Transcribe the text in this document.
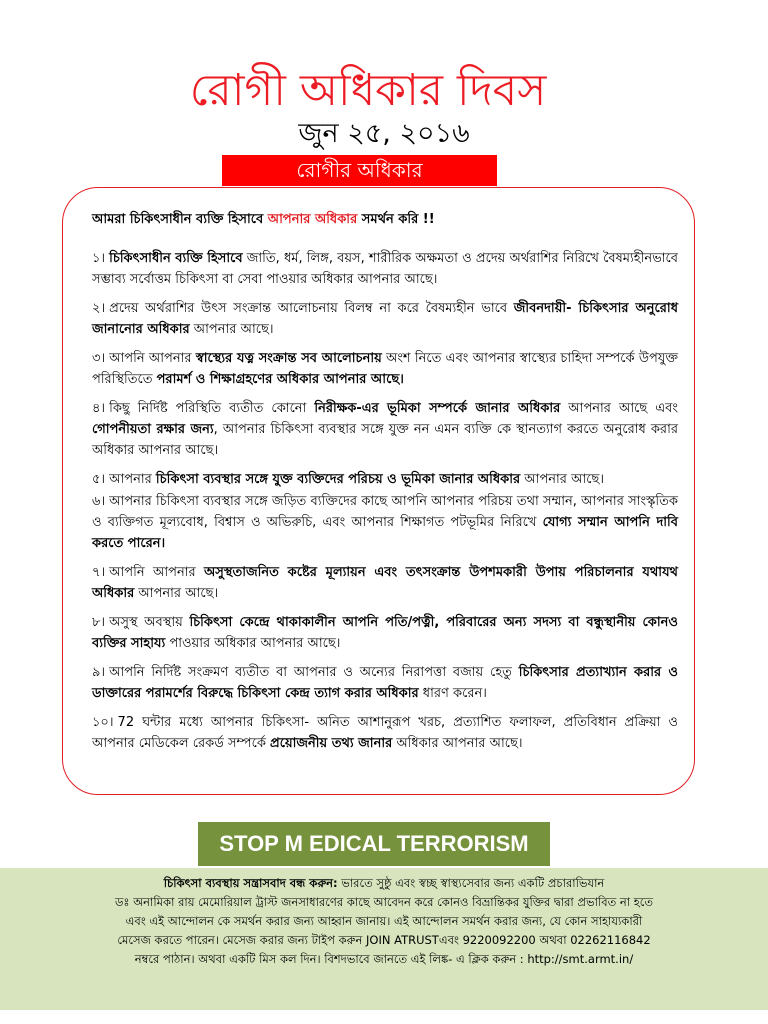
রোগী অধিকার দিবস
জুন ২৫, ২০১৬
রোগীর অধিকার

আমরা চিকিৎসাধীন ব্যক্তি হিসাবে আপনার অধিকার সমর্থন করি !!

১। চিকিৎসাধীন ব্যক্তি হিসাবে জাতি, ধর্ম, লিঙ্গ, বয়স, শারীরিক অক্ষমতা ও প্রদেয় অর্থরাশির নিরিখে বৈষম্যহীনভাবে সম্ভাব্য সর্বোত্তম চিকিৎসা বা সেবা পাওয়ার অধিকার আপনার আছে।

২। প্রদেয় অর্থরাশির উৎস সংক্রান্ত আলোচনায় বিলম্ব না করে বৈষম্যহীন ভাবে জীবনদায়ী- চিকিৎসার অনুরোধ জানানোর অধিকার আপনার আছে।

৩। আপনি আপনার স্বাস্থ্যের যত্ন সংক্রান্ত সব আলোচনায় অংশ নিতে এবং আপনার স্বাস্থ্যের চাহিদা সম্পর্কে উপযুক্ত পরিস্থিতিতে পরামর্শ ও শিক্ষাগ্রহণের অধিকার আপনার আছে।

৪। কিছু নির্দিষ্ট পরিস্থিতি ব্যতীত কোনো নিরীক্ষক-এর ভূমিকা সম্পর্কে জানার অধিকার আপনার আছে এবং গোপনীয়তা রক্ষার জন্য, আপনার চিকিৎসা ব্যবস্থার সঙ্গে যুক্ত নন এমন ব্যক্তি কে স্থানত্যাগ করতে অনুরোধ করার অধিকার আপনার আছে।

৫। আপনার চিকিৎসা ব্যবস্থার সঙ্গে যুক্ত ব্যক্তিদের পরিচয় ও ভূমিকা জানার অধিকার আপনার আছে।

৬। আপনার চিকিৎসা ব্যবস্থার সঙ্গে জড়িত ব্যক্তিদের কাছে আপনি আপনার পরিচয় তথা সম্মান, আপনার সাংস্কৃতিক ও ব্যক্তিগত মূল্যবোধ, বিশ্বাস ও অভিরুচি, এবং আপনার শিক্ষাগত পটভূমির নিরিখে যোগ্য সম্মান আপনি দাবি করতে পারেন।

৭। আপনি আপনার অসুস্থতাজনিত কষ্টের মূল্যায়ন এবং তৎসংক্রান্ত উপশমকারী উপায় পরিচালনার যথাযথ অধিকার আপনার আছে।

৮। অসুস্থ অবস্থায় চিকিৎসা কেন্দ্রে থাকাকালীন আপনি পতি/পত্নী, পরিবারের অন্য সদস্য বা বন্ধুস্থানীয় কোনও ব্যক্তির সাহায্য পাওয়ার অধিকার আপনার আছে।

৯। আপনি নির্দিষ্ট সংক্রমণ ব্যতীত বা আপনার ও অন্যের নিরাপত্তা বজায় হেতু চিকিৎসার প্রত্যাখ্যান করার ও ডাক্তারের পরামর্শের বিরুদ্ধে চিকিৎসা কেন্দ্র ত্যাগ করার অধিকার ধারণ করেন।

১০। 72 ঘন্টার মধ্যে আপনার চিকিৎসা- অনিত আশানুরূপ খরচ, প্রত্যাশিত ফলাফল, প্রতিবিধান প্রক্রিয়া ও আপনার মেডিকেল রেকর্ড সম্পর্কে প্রয়োজনীয় তথ্য জানার অধিকার আপনার আছে।

STOP M EDICAL TERRORISM

চিকিৎসা ব্যবস্থায় সন্ত্রাসবাদ বন্ধ করুন: ভারতে সুষ্ঠু এবং স্বচ্ছ স্বাস্থ্যসেবার জন্য একটি প্রচারাভিযান

ডঃ অনামিকা রায় মেমোরিয়াল ট্রাস্ট জনসাধারণের কাছে আবেদন করে কোনও বিভ্রান্তিকর যুক্তির দ্বারা প্রভাবিত না হতে

এবং এই আন্দোলন কে সমর্থন করার জন্য আহ্বান জানায়। এই আন্দোলন সমর্থন করার জন্য, যে কোন সাহায্যকারী

মেসেজ করতে পারেন। মেসেজ করার জন্য টাইপ করুন JOIN ATRUSTএবং 9220092200 অথবা 02262116842

নম্বরে পাঠান। অথবা একটি মিস কল দিন। বিশদভাবে জানতে এই লিঙ্ক- এ ক্লিক করুন : http://smt.armt.in/
